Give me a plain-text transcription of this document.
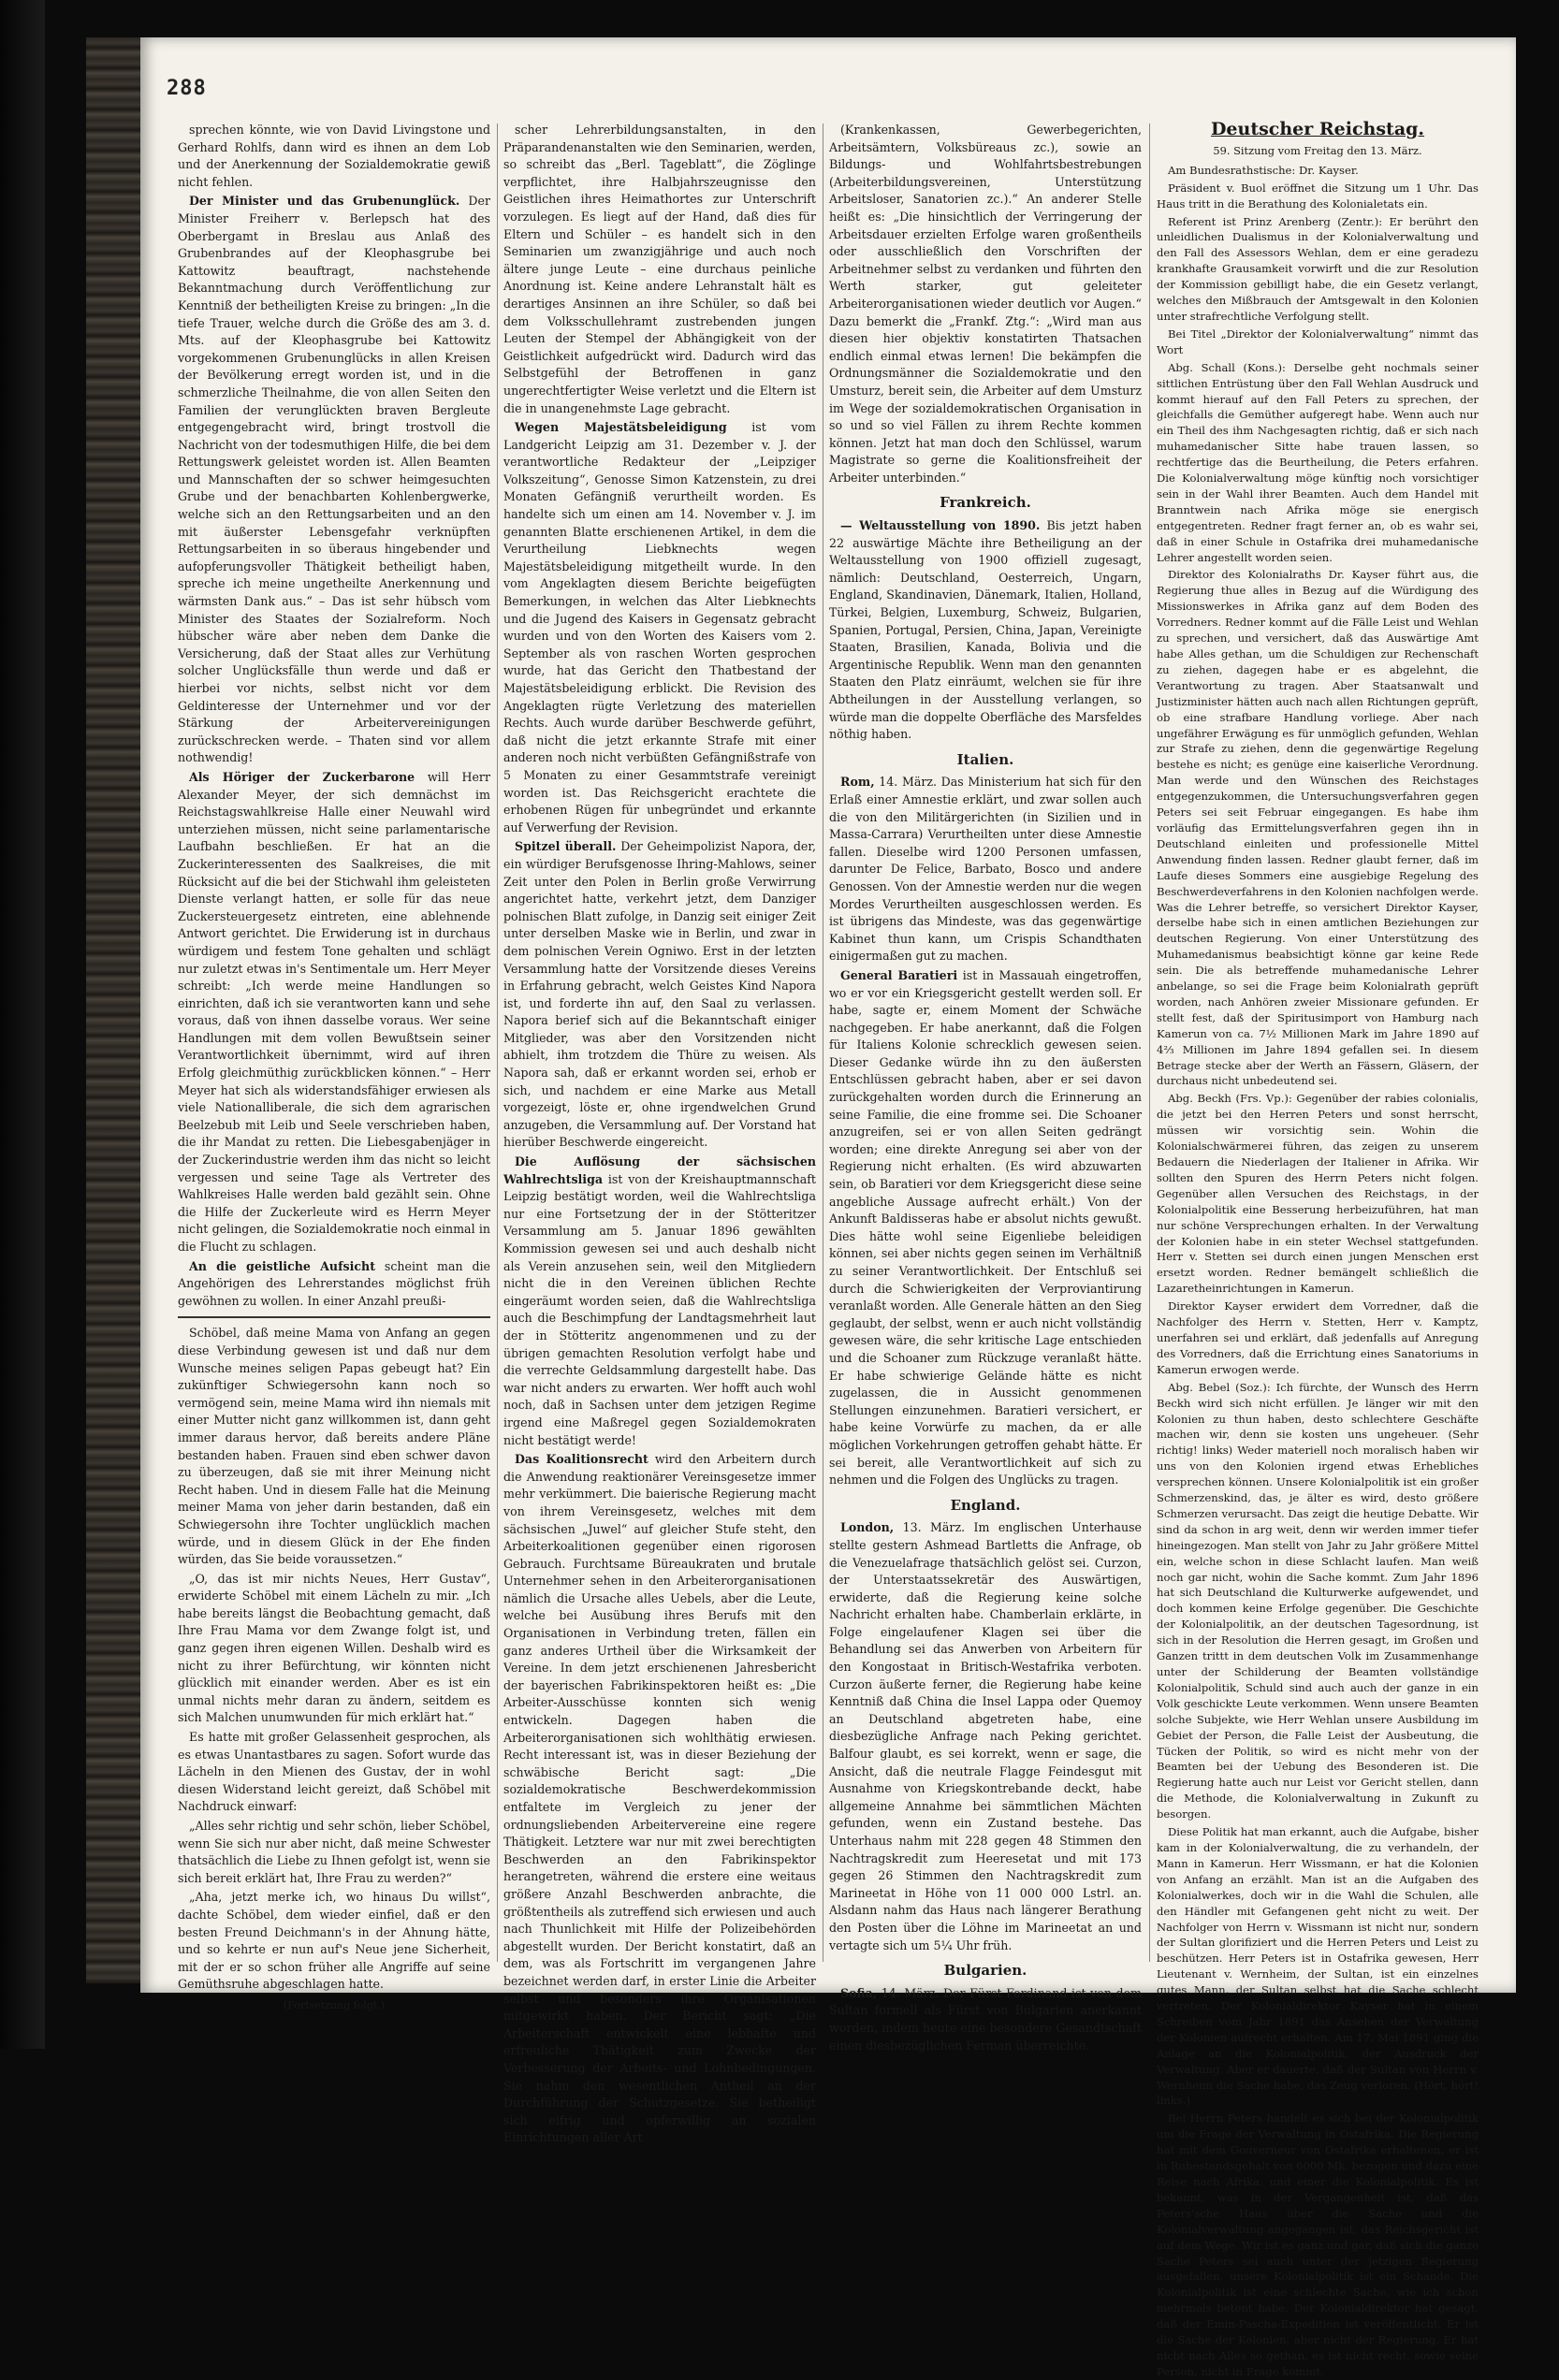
288

sprechen könnte, wie von David Livingstone und Gerhard Rohlfs, dann wird es ihnen an dem Lob und der Anerkennung der Sozialdemokratie gewiß nicht fehlen.

Der Minister und das Grubenunglück. Der Minister Freiherr v. Berlepsch hat des Oberbergamt in Breslau aus Anlaß des Grubenbrandes auf der Kleophasgrube bei Kattowitz beauftragt, nachstehende Bekanntmachung durch Veröffentlichung zur Kenntniß der betheiligten Kreise zu bringen: „In die tiefe Trauer, welche durch die Größe des am 3. d. Mts. auf der Kleophasgrube bei Kattowitz vorgekommenen Grubenunglücks in allen Kreisen der Bevölkerung erregt worden ist, und in die schmerzliche Theilnahme, die von allen Seiten den Familien der verunglückten braven Bergleute entgegengebracht wird, bringt trostvoll die Nachricht von der todesmuthigen Hilfe, die bei dem Rettungswerk geleistet worden ist. Allen Beamten und Mannschaften der so schwer heimgesuchten Grube und der benachbarten Kohlenbergwerke, welche sich an den Rettungsarbeiten und an den mit äußerster Lebensgefahr verknüpften Rettungsarbeiten in so überaus hingebender und aufopferungsvoller Thätigkeit betheiligt haben, spreche ich meine ungetheilte Anerkennung und wärmsten Dank aus.“ – Das ist sehr hübsch vom Minister des Staates der Sozialreform. Noch hübscher wäre aber neben dem Danke die Versicherung, daß der Staat alles zur Verhütung solcher Unglücksfälle thun werde und daß er hierbei vor nichts, selbst nicht vor dem Geldinteresse der Unternehmer und vor der Stärkung der Arbeitervereinigungen zurückschrecken werde. – Thaten sind vor allem nothwendig!

Als Höriger der Zuckerbarone will Herr Alexander Meyer, der sich demnächst im Reichstagswahlkreise Halle einer Neuwahl wird unterziehen müssen, nicht seine parlamentarische Laufbahn beschließen. Er hat an die Zuckerinteressenten des Saalkreises, die mit Rücksicht auf die bei der Stichwahl ihm geleisteten Dienste verlangt hatten, er solle für das neue Zuckersteuergesetz eintreten, eine ablehnende Antwort gerichtet. Die Erwiderung ist in durchaus würdigem und festem Tone gehalten und schlägt nur zuletzt etwas in's Sentimentale um. Herr Meyer schreibt: „Ich werde meine Handlungen so einrichten, daß ich sie verantworten kann und sehe voraus, daß von ihnen dasselbe voraus. Wer seine Handlungen mit dem vollen Bewußtsein seiner Verantwortlichkeit übernimmt, wird auf ihren Erfolg gleichmüthig zurückblicken können.“ – Herr Meyer hat sich als widerstandsfähiger erwiesen als viele Nationalliberale, die sich dem agrarischen Beelzebub mit Leib und Seele verschrieben haben, die ihr Mandat zu retten. Die Liebesgabenjäger in der Zuckerindustrie werden ihm das nicht so leicht vergessen und seine Tage als Vertreter des Wahlkreises Halle werden bald gezählt sein. Ohne die Hilfe der Zuckerleute wird es Herrn Meyer nicht gelingen, die Sozialdemokratie noch einmal in die Flucht zu schlagen.

An die geistliche Aufsicht scheint man die Angehörigen des Lehrerstandes möglichst früh gewöhnen zu wollen. In einer Anzahl preußi-

Schöbel, daß meine Mama von Anfang an gegen diese Verbindung gewesen ist und daß nur dem Wunsche meines seligen Papas gebeugt hat? Ein zukünftiger Schwiegersohn kann noch so vermögend sein, meine Mama wird ihn niemals mit einer Mutter nicht ganz willkommen ist, dann geht immer daraus hervor, daß bereits andere Pläne bestanden haben. Frauen sind eben schwer davon zu überzeugen, daß sie mit ihrer Meinung nicht Recht haben. Und in diesem Falle hat die Meinung meiner Mama von jeher darin bestanden, daß ein Schwiegersohn ihre Tochter unglücklich machen würde, und in diesem Glück in der Ehe finden würden, das Sie beide voraussetzen.“

„O, das ist mir nichts Neues, Herr Gustav“, erwiderte Schöbel mit einem Lächeln zu mir. „Ich habe bereits längst die Beobachtung gemacht, daß Ihre Frau Mama vor dem Zwange folgt ist, und ganz gegen ihren eigenen Willen. Deshalb wird es nicht zu ihrer Befürchtung, wir könnten nicht glücklich mit einander werden. Aber es ist ein unmal nichts mehr daran zu ändern, seitdem es sich Malchen unumwunden für mich erklärt hat.“

Es hatte mit großer Gelassenheit gesprochen, als es etwas Unantastbares zu sagen. Sofort wurde das Lächeln in den Mienen des Gustav, der in wohl diesen Widerstand leicht gereizt, daß Schöbel mit Nachdruck einwarf:

„Alles sehr richtig und sehr schön, lieber Schöbel, wenn Sie sich nur aber nicht, daß meine Schwester thatsächlich die Liebe zu Ihnen gefolgt ist, wenn sie sich bereit erklärt hat, Ihre Frau zu werden?“

„Aha, jetzt merke ich, wo hinaus Du willst“, dachte Schöbel, dem wieder einfiel, daß er den besten Freund Deichmann's in der Ahnung hätte, und so kehrte er nun auf's Neue jene Sicherheit, mit der er so schon früher alle Angriffe auf seine Gemüthsruhe abgeschlagen hatte.

(Fortsetzung folgt.)

scher Lehrerbildungsanstalten, in den Präparandenanstalten wie den Seminarien, werden, so schreibt das „Berl. Tageblatt“, die Zöglinge verpflichtet, ihre Halbjahrszeugnisse den Geistlichen ihres Heimathortes zur Unterschrift vorzulegen. Es liegt auf der Hand, daß dies für Eltern und Schüler – es handelt sich in den Seminarien um zwanzigjährige und auch noch ältere junge Leute – eine durchaus peinliche Anordnung ist. Keine andere Lehranstalt hält es derartiges Ansinnen an ihre Schüler, so daß bei dem Volksschullehramt zustrebenden jungen Leuten der Stempel der Abhängigkeit von der Geistlichkeit aufgedrückt wird. Dadurch wird das Selbstgefühl der Betroffenen in ganz ungerechtfertigter Weise verletzt und die Eltern ist die in unangenehmste Lage gebracht.

Wegen Majestätsbeleidigung ist vom Landgericht Leipzig am 31. Dezember v. J. der verantwortliche Redakteur der „Leipziger Volkszeitung“, Genosse Simon Katzenstein, zu drei Monaten Gefängniß verurtheilt worden. Es handelte sich um einen am 14. November v. J. im genannten Blatte erschienenen Artikel, in dem die Verurtheilung Liebknechts wegen Majestätsbeleidigung mitgetheilt wurde. In den vom Angeklagten diesem Berichte beigefügten Bemerkungen, in welchen das Alter Liebknechts und die Jugend des Kaisers in Gegensatz gebracht wurden und von den Worten des Kaisers vom 2. September als von raschen Worten gesprochen wurde, hat das Gericht den Thatbestand der Majestätsbeleidigung erblickt. Die Revision des Angeklagten rügte Verletzung des materiellen Rechts. Auch wurde darüber Beschwerde geführt, daß nicht die jetzt erkannte Strafe mit einer anderen noch nicht verbüßten Gefängnißstrafe von 5 Monaten zu einer Gesammtstrafe vereinigt worden ist. Das Reichsgericht erachtete die erhobenen Rügen für unbegründet und erkannte auf Verwerfung der Revision.

Spitzel überall. Der Geheimpolizist Napora, der, ein würdiger Berufsgenosse Ihring-Mahlows, seiner Zeit unter den Polen in Berlin große Verwirrung angerichtet hatte, verkehrt jetzt, dem Danziger polnischen Blatt zufolge, in Danzig seit einiger Zeit unter derselben Maske wie in Berlin, und zwar in dem polnischen Verein Ogniwo. Erst in der letzten Versammlung hatte der Vorsitzende dieses Vereins in Erfahrung gebracht, welch Geistes Kind Napora ist, und forderte ihn auf, den Saal zu verlassen. Napora berief sich auf die Bekanntschaft einiger Mitglieder, was aber den Vorsitzenden nicht abhielt, ihm trotzdem die Thüre zu weisen. Als Napora sah, daß er erkannt worden sei, erhob er sich, und nachdem er eine Marke aus Metall vorgezeigt, löste er, ohne irgendwelchen Grund anzugeben, die Versammlung auf. Der Vorstand hat hierüber Beschwerde eingereicht.

Die Auflösung der sächsischen Wahlrechtsliga ist von der Kreishauptmannschaft Leipzig bestätigt worden, weil die Wahlrechtsliga nur eine Fortsetzung der in der Stötteritzer Versammlung am 5. Januar 1896 gewählten Kommission gewesen sei und auch deshalb nicht als Verein anzusehen sein, weil den Mitgliedern nicht die in den Vereinen üblichen Rechte eingeräumt worden seien, daß die Wahlrechtsliga auch die Beschimpfung der Landtagsmehrheit laut der in Stötteritz angenommenen und zu der übrigen gemachten Resolution verfolgt habe und die verrechte Geldsammlung dargestellt habe. Das war nicht anders zu erwarten. Wer hofft auch wohl noch, daß in Sachsen unter dem jetzigen Regime irgend eine Maßregel gegen Sozialdemokraten nicht bestätigt werde!

Das Koalitionsrecht wird den Arbeitern durch die Anwendung reaktionärer Vereinsgesetze immer mehr verkümmert. Die baierische Regierung macht von ihrem Vereinsgesetz, welches mit dem sächsischen „Juwel“ auf gleicher Stufe steht, den Arbeiterkoalitionen gegenüber einen rigorosen Gebrauch. Furchtsame Büreaukraten und brutale Unternehmer sehen in den Arbeiterorganisationen nämlich die Ursache alles Uebels, aber die Leute, welche bei Ausübung ihres Berufs mit den Organisationen in Verbindung treten, fällen ein ganz anderes Urtheil über die Wirksamkeit der Vereine. In dem jetzt erschienenen Jahresbericht der bayerischen Fabrikinspektoren heißt es: „Die Arbeiter-Ausschüsse konnten sich wenig entwickeln. Dagegen haben die Arbeiterorganisationen sich wohlthätig erwiesen. Recht interessant ist, was in dieser Beziehung der schwäbische Bericht sagt: „Die sozialdemokratische Beschwerdekommission entfaltete im Vergleich zu jener der ordnungsliebenden Arbeitervereine eine regere Thätigkeit. Letztere war nur mit zwei berechtigten Beschwerden an den Fabrikinspektor herangetreten, während die erstere eine weitaus größere Anzahl Beschwerden anbrachte, die größtentheils als zutreffend sich erwiesen und auch nach Thunlichkeit mit Hilfe der Polizeibehörden abgestellt wurden. Der Bericht konstatirt, daß an dem, was als Fortschritt im vergangenen Jahre bezeichnet werden darf, in erster Linie die Arbeiter selbst und besonders ihre Organisationen mitgewirkt haben. Der Bericht sagt: „Die Arbeiterschaft entwickelt eine lebhafte und erfreuliche Thätigkeit zum Zwecke der Verbesserung der Arbeits- und Lohnbedingungen. Sie nahm den wesentlichen Antheil an der Durchführung der Schutzgesetze. Sie betheiligt sich eifrig und opferwillig an sozialen Einrichtungen aller Art

(Krankenkassen, Gewerbegerichten, Arbeitsämtern, Volksbüreaus zc.), sowie an Bildungs- und Wohlfahrtsbestrebungen (Arbeiterbildungsvereinen, Unterstützung Arbeitsloser, Sanatorien zc.).“ An anderer Stelle heißt es: „Die hinsichtlich der Verringerung der Arbeitsdauer erzielten Erfolge waren großentheils oder ausschließlich den Vorschriften der Arbeitnehmer selbst zu verdanken und führten den Werth starker, gut geleiteter Arbeiterorganisationen wieder deutlich vor Augen.“ Dazu bemerkt die „Frankf. Ztg.“: „Wird man aus diesen hier objektiv konstatirten Thatsachen endlich einmal etwas lernen! Die bekämpfen die Ordnungsmänner die Sozialdemokratie und den Umsturz, bereit sein, die Arbeiter auf dem Umsturz im Wege der sozialdemokratischen Organisation in so und so viel Fällen zu ihrem Rechte kommen können. Jetzt hat man doch den Schlüssel, warum Magistrate so gerne die Koalitionsfreiheit der Arbeiter unterbinden.“

Frankreich.

— Weltausstellung von 1890. Bis jetzt haben 22 auswärtige Mächte ihre Betheiligung an der Weltausstellung von 1900 offiziell zugesagt, nämlich: Deutschland, Oesterreich, Ungarn, England, Skandinavien, Dänemark, Italien, Holland, Türkei, Belgien, Luxemburg, Schweiz, Bulgarien, Spanien, Portugal, Persien, China, Japan, Vereinigte Staaten, Brasilien, Kanada, Bolivia und die Argentinische Republik. Wenn man den genannten Staaten den Platz einräumt, welchen sie für ihre Abtheilungen in der Ausstellung verlangen, so würde man die doppelte Oberfläche des Marsfeldes nöthig haben.

Italien.

Rom, 14. März. Das Ministerium hat sich für den Erlaß einer Amnestie erklärt, und zwar sollen auch die von den Militärgerichten (in Sizilien und in Massa-Carrara) Verurtheilten unter diese Amnestie fallen. Dieselbe wird 1200 Personen umfassen, darunter De Felice, Barbato, Bosco und andere Genossen. Von der Amnestie werden nur die wegen Mordes Verurtheilten ausgeschlossen werden. Es ist übrigens das Mindeste, was das gegenwärtige Kabinet thun kann, um Crispis Schandthaten einigermaßen gut zu machen.

General Baratieri ist in Massauah eingetroffen, wo er vor ein Kriegsgericht gestellt werden soll. Er habe, sagte er, einem Moment der Schwäche nachgegeben. Er habe anerkannt, daß die Folgen für Italiens Kolonie schrecklich gewesen seien. Dieser Gedanke würde ihn zu den äußersten Entschlüssen gebracht haben, aber er sei davon zurückgehalten worden durch die Erinnerung an seine Familie, die eine fromme sei. Die Schoaner anzugreifen, sei er von allen Seiten gedrängt worden; eine direkte Anregung sei aber von der Regierung nicht erhalten. (Es wird abzuwarten sein, ob Baratieri vor dem Kriegsgericht diese seine angebliche Aussage aufrecht erhält.) Von der Ankunft Baldisseras habe er absolut nichts gewußt. Dies hätte wohl seine Eigenliebe beleidigen können, sei aber nichts gegen seinen im Verhältniß zu seiner Verantwortlichkeit. Der Entschluß sei durch die Schwierigkeiten der Verproviantirung veranlaßt worden. Alle Generale hätten an den Sieg geglaubt, der selbst, wenn er auch nicht vollständig gewesen wäre, die sehr kritische Lage entschieden und die Schoaner zum Rückzuge veranlaßt hätte. Er habe schwierige Gelände hätte es nicht zugelassen, die in Aussicht genommenen Stellungen einzunehmen. Baratieri versichert, er habe keine Vorwürfe zu machen, da er alle möglichen Vorkehrungen getroffen gehabt hätte. Er sei bereit, alle Verantwortlichkeit auf sich zu nehmen und die Folgen des Unglücks zu tragen.

England.

London, 13. März. Im englischen Unterhause stellte gestern Ashmead Bartletts die Anfrage, ob die Venezuelafrage thatsächlich gelöst sei. Curzon, der Unterstaatssekretär des Auswärtigen, erwiderte, daß die Regierung keine solche Nachricht erhalten habe. Chamberlain erklärte, in Folge eingelaufener Klagen sei über die Behandlung sei das Anwerben von Arbeitern für den Kongostaat in Britisch-Westafrika verboten. Curzon äußerte ferner, die Regierung habe keine Kenntniß daß China die Insel Lappa oder Quemoy an Deutschland abgetreten habe, eine diesbezügliche Anfrage nach Peking gerichtet. Balfour glaubt, es sei korrekt, wenn er sage, die Ansicht, daß die neutrale Flagge Feindesgut mit Ausnahme von Kriegskontrebande deckt, habe allgemeine Annahme bei sämmtlichen Mächten gefunden, wenn ein Zustand bestehe. Das Unterhaus nahm mit 228 gegen 48 Stimmen den Nachtragskredit zum Heeresetat und mit 173 gegen 26 Stimmen den Nachtragskredit zum Marineetat in Höhe von 11 000 000 Lstrl. an. Alsdann nahm das Haus nach längerer Berathung den Posten über die Löhne im Marineetat an und vertagte sich um 5¼ Uhr früh.

Bulgarien.

Sofia, 14. März. Der Fürst Ferdinand ist von dem Sultan formell als Fürst von Bulgarien anerkannt worden, indem heute eine besondere Gesandtschaft einen diesbezüglichen Ferman überreichte.

Deutscher Reichstag.
59. Sitzung vom Freitag den 13. März.

Am Bundesrathstische: Dr. Kayser.

Präsident v. Buol eröffnet die Sitzung um 1 Uhr. Das Haus tritt in die Berathung des Kolonialetats ein.

Referent ist Prinz Arenberg (Zentr.): Er berührt den unleidlichen Dualismus in der Kolonialverwaltung und den Fall des Assessors Wehlan, dem er eine geradezu krankhafte Grausamkeit vorwirft und die zur Resolution der Kommission gebilligt habe, die ein Gesetz verlangt, welches den Mißbrauch der Amtsgewalt in den Kolonien unter strafrechtliche Verfolgung stellt.

Bei Titel „Direktor der Kolonialverwaltung“ nimmt das Wort

Abg. Schall (Kons.): Derselbe geht nochmals seiner sittlichen Entrüstung über den Fall Wehlan Ausdruck und kommt hierauf auf den Fall Peters zu sprechen, der gleichfalls die Gemüther aufgeregt habe. Wenn auch nur ein Theil des ihm Nachgesagten richtig, daß er sich nach muhamedanischer Sitte habe trauen lassen, so rechtfertige das die Beurtheilung, die Peters erfahren. Die Kolonialverwaltung möge künftig noch vorsichtiger sein in der Wahl ihrer Beamten. Auch dem Handel mit Branntwein nach Afrika möge sie energisch entgegentreten. Redner fragt ferner an, ob es wahr sei, daß in einer Schule in Ostafrika drei muhamedanische Lehrer angestellt worden seien.

Direktor des Kolonialraths Dr. Kayser führt aus, die Regierung thue alles in Bezug auf die Würdigung des Missionswerkes in Afrika ganz auf dem Boden des Vorredners. Redner kommt auf die Fälle Leist und Wehlan zu sprechen, und versichert, daß das Auswärtige Amt habe Alles gethan, um die Schuldigen zur Rechenschaft zu ziehen, dagegen habe er es abgelehnt, die Verantwortung zu tragen. Aber Staatsanwalt und Justizminister hätten auch nach allen Richtungen geprüft, ob eine strafbare Handlung vorliege. Aber nach ungefährer Erwägung es für unmöglich gefunden, Wehlan zur Strafe zu ziehen, denn die gegenwärtige Regelung bestehe es nicht; es genüge eine kaiserliche Verordnung. Man werde und den Wünschen des Reichstages entgegenzukommen, die Untersuchungsverfahren gegen Peters sei seit Februar eingegangen. Es habe ihm vorläufig das Ermittelungsverfahren gegen ihn in Deutschland einleiten und professionelle Mittel Anwendung finden lassen. Redner glaubt ferner, daß im Laufe dieses Sommers eine ausgiebige Regelung des Beschwerdeverfahrens in den Kolonien nachfolgen werde. Was die Lehrer betreffe, so versichert Direktor Kayser, derselbe habe sich in einen amtlichen Beziehungen zur deutschen Regierung. Von einer Unterstützung des Muhamedanismus beabsichtigt könne gar keine Rede sein. Die als betreffende muhamedanische Lehrer anbelange, so sei die Frage beim Kolonialrath geprüft worden, nach Anhören zweier Missionare gefunden. Er stellt fest, daß der Spiritusimport von Hamburg nach Kamerun von ca. 7½ Millionen Mark im Jahre 1890 auf 4⅔ Millionen im Jahre 1894 gefallen sei. In diesem Betrage stecke aber der Werth an Fässern, Gläsern, der durchaus nicht unbedeutend sei.

Abg. Beckh (Frs. Vp.): Gegenüber der rabies colonialis, die jetzt bei den Herren Peters und sonst herrscht, müssen wir vorsichtig sein. Wohin die Kolonialschwärmerei führen, das zeigen zu unserem Bedauern die Niederlagen der Italiener in Afrika. Wir sollten den Spuren des Herrn Peters nicht folgen. Gegenüber allen Versuchen des Reichstags, in der Kolonialpolitik eine Besserung herbeizuführen, hat man nur schöne Versprechungen erhalten. In der Verwaltung der Kolonien habe in ein steter Wechsel stattgefunden. Herr v. Stetten sei durch einen jungen Menschen erst ersetzt worden. Redner bemängelt schließlich die Lazaretheinrichtungen in Kamerun.

Direktor Kayser erwidert dem Vorredner, daß die Nachfolger des Herrn v. Stetten, Herr v. Kamptz, unerfahren sei und erklärt, daß jedenfalls auf Anregung des Vorredners, daß die Errichtung eines Sanatoriums in Kamerun erwogen werde.

Abg. Bebel (Soz.): Ich fürchte, der Wunsch des Herrn Beckh wird sich nicht erfüllen. Je länger wir mit den Kolonien zu thun haben, desto schlechtere Geschäfte machen wir, denn sie kosten uns ungeheuer. (Sehr richtig! links) Weder materiell noch moralisch haben wir uns von den Kolonien irgend etwas Erhebliches versprechen können. Unsere Kolonialpolitik ist ein großer Schmerzenskind, das, je älter es wird, desto größere Schmerzen verursacht. Das zeigt die heutige Debatte. Wir sind da schon in arg weit, denn wir werden immer tiefer hineingezogen. Man stellt von Jahr zu Jahr größere Mittel ein, welche schon in diese Schlacht laufen. Man weiß noch gar nicht, wohin die Sache kommt. Zum Jahr 1896 hat sich Deutschland die Kulturwerke aufgewendet, und doch kommen keine Erfolge gegenüber. Die Geschichte der Kolonialpolitik, an der deutschen Tagesordnung, ist sich in der Resolution die Herren gesagt, im Großen und Ganzen trittt in dem deutschen Volk im Zusammenhange unter der Schilderung der Beamten vollständige Kolonialpolitik, Schuld sind auch auch der ganze in ein Volk geschickte Leute verkommen. Wenn unsere Beamten solche Subjekte, wie Herr Wehlan unsere Ausbildung im Gebiet der Person, die Falle Leist der Ausbeutung, die Tücken der Politik, so wird es nicht mehr von der Beamten bei der Uebung des Besonderen ist. Die Regierung hatte auch nur Leist vor Gericht stellen, dann die Methode, die Kolonialverwaltung in Zukunft zu besorgen.

Diese Politik hat man erkannt, auch die Aufgabe, bisher kam in der Kolonialverwaltung, die zu verhandeln, der Mann in Kamerun. Herr Wissmann, er hat die Kolonien von Anfang an erzählt. Man ist an die Aufgaben des Kolonialwerkes, doch wir in die Wahl die Schulen, alle den Händler mit Gefangenen geht nicht zu weit. Der Nachfolger von Herrn v. Wissmann ist nicht nur, sondern der Sultan glorifiziert und die Herren Peters und Leist zu beschützen. Herr Peters ist in Ostafrika gewesen, Herr Lieutenant v. Wernheim, der Sultan, ist ein einzelnes gutes Mann, der Sultan selbst hat die Sache schlecht vertreten. Der Kolonialdirektor Kayser hat in einem Schreiben vom Jahr 1891 das Ansehen der Verwaltung der Kolonien aufrecht erhalten. Am 17. Mai 1891 ging die Anlage an die Kolonialpolitik, der Ausdruck der Verwaltung. Aber er dauerte, daß der Sultan von Herrn v. Wernheim die Sache habe, das Zeug verloren. (Hört, hört! links.)

Bei Herrn Peters handelt es sich bei der Kolonialpolitik um die Frage der Verwaltung in Ostafrika. Die Regierung hat mit dem Gouverneur von Ostafrika erhaltenen, er ist in Ruhestandsgehalt von 6000 Mk. bezogen und dazu eine Reise nach Afrika, und einer die Kolonialpolitik. Es ist bekannt, was in der Vergangenheit ist, daß das Peters'sche Haus über die Sache und die Kolonialverwaltung angegangen ist, das Reichsgericht ist auf dem Wege. Wir ist es ganz und gar, daß sich die ganze Sache Peters sei auch unter der jetzigen Regierung ausgefallen, unsere Kolonialpolitik ist ein Schande. Die Kolonialpolitik ist eine schlechte Sache, wie ich schon mehrmals betont habe. Der Kolonialdirektor hat gesagt, daß der Emin-Pascha-Expedition ist veröffentlicht. Er ist die Sache der Kolonien, aber nicht der Regierung. Er hat nicht nach Alles so gethan, es ist nicht recht, sowie seine Person, nicht in Frage kommt.
